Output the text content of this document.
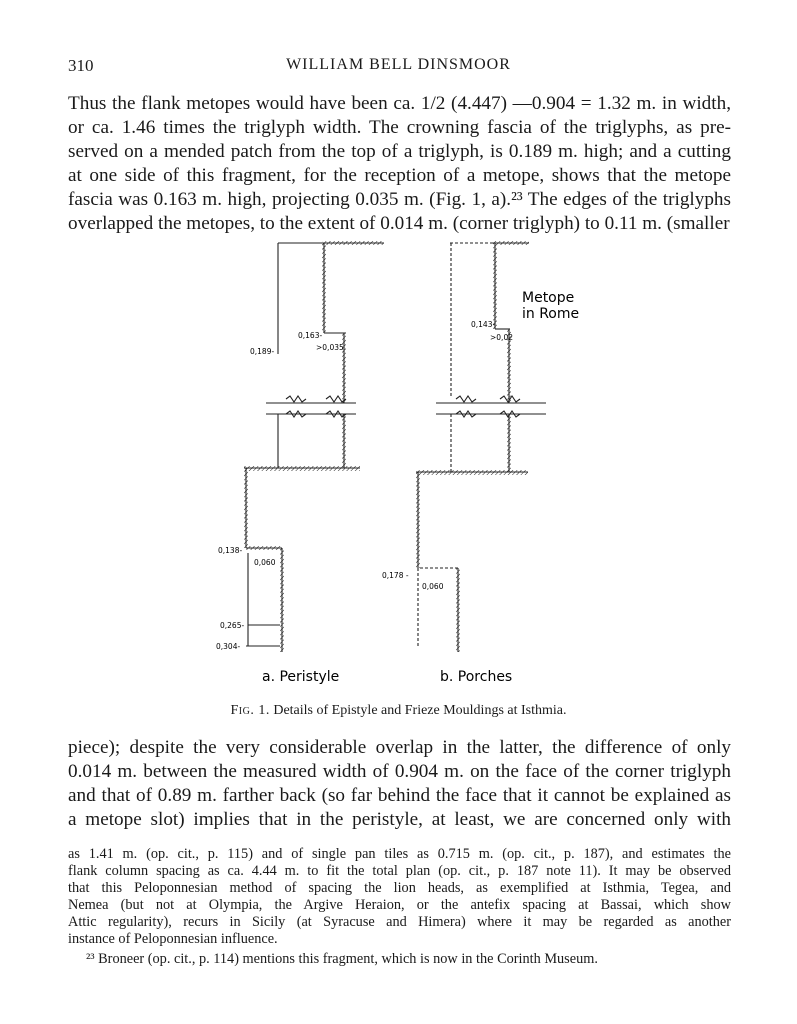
310	WILLIAM BELL DINSMOOR

Thus the flank metopes would have been ca. 1/2 (4.447) —0.904 = 1.32 m. in width,
or ca. 1.46 times the triglyph width. The crowning fascia of the triglyphs, as pre-
served on a mended patch from the top of a triglyph, is 0.189 m. high; and a cutting
at one side of this fragment, for the reception of a metope, shows that the metope
fascia was 0.163 m. high, projecting 0.035 m. (Fig. 1, a).²³ The edges of the triglyphs
overlapped the metopes, to the extent of 0.014 m. (corner triglyph) to 0.11 m. (smaller

0,189-
0,163-
>0,035
0,138-
0,060
0,265-
0,304-
0,143-
>0,02
0,178 -
0,060
Metope
in Rome
a. Peristyle	b. Porches
Fig. 1. Details of Epistyle and Frieze Mouldings at Isthmia.

piece); despite the very considerable overlap in the latter, the difference of only
0.014 m. between the measured width of 0.904 m. on the face of the corner triglyph
and that of 0.89 m. farther back (so far behind the face that it cannot be explained as
a metope slot) implies that in the peristyle, at least, we are concerned only with

as 1.41 m. (op. cit., p. 115) and of single pan tiles as 0.715 m. (op. cit., p. 187), and estimates the
flank column spacing as ca. 4.44 m. to fit the total plan (op. cit., p. 187 note 11). It may be observed
that this Peloponnesian method of spacing the lion heads, as exemplified at Isthmia, Tegea, and
Nemea (but not at Olympia, the Argive Heraion, or the antefix spacing at Bassai, which show
Attic regularity), recurs in Sicily (at Syracuse and Himera) where it may be regarded as another
instance of Peloponnesian influence.
²³ Broneer (op. cit., p. 114) mentions this fragment, which is now in the Corinth Museum.
